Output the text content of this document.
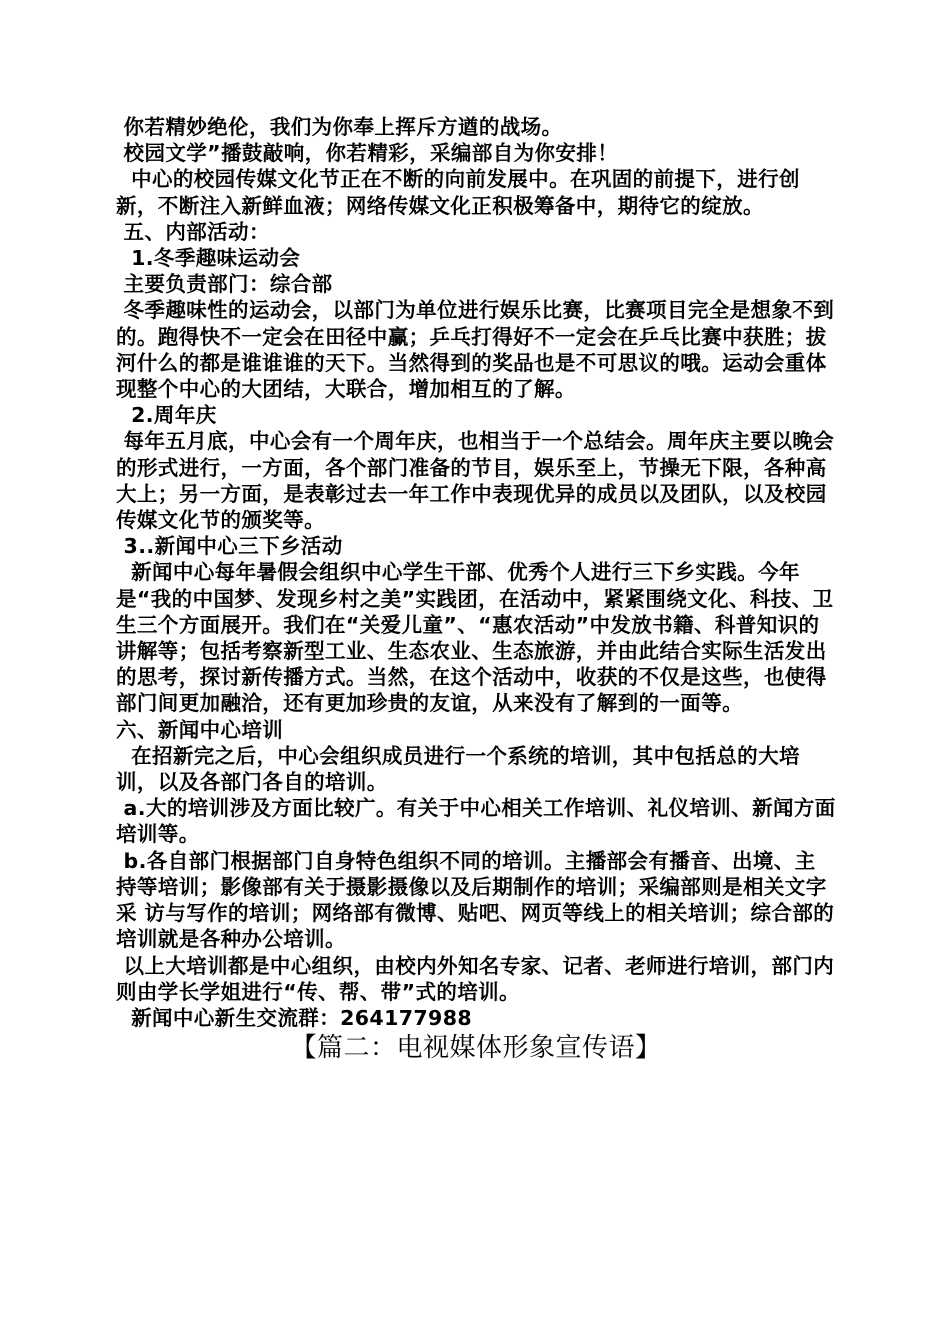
你若精妙绝伦，我们为你奉上挥斥方遒的战场。
校园文学”播鼓敲响，你若精彩，采编部自为你安排！
中心的校园传媒文化节正在不断的向前发展中。在巩固的前提下，进行创新，不断注入新鲜血液；网络传媒文化正积极筹备中，期待它的绽放。
五、内部活动：
1.冬季趣味运动会
主要负责部门：综合部
冬季趣味性的运动会，以部门为单位进行娱乐比赛，比赛项目完全是想象不到的。跑得快不一定会在田径中赢；乒乓打得好不一定会在乒乓比赛中获胜；拔河什么的都是谁谁谁的天下。当然得到的奖品也是不可思议的哦。运动会重体现整个中心的大团结，大联合，增加相互的了解。
2.周年庆
每年五月底，中心会有一个周年庆，也相当于一个总结会。周年庆主要以晚会的形式进行，一方面，各个部门准备的节目，娱乐至上，节操无下限，各种高大上；另一方面，是表彰过去一年工作中表现优异的成员以及团队，以及校园传媒文化节的颁奖等。
3..新闻中心三下乡活动
新闻中心每年暑假会组织中心学生干部、优秀个人进行三下乡实践。今年是“我的中国梦、发现乡村之美”实践团，在活动中，紧紧围绕文化、科技、卫生三个方面展开。我们在“关爱儿童”、“惠农活动”中发放书籍、科普知识的讲解等；包括考察新型工业、生态农业、生态旅游，并由此结合实际生活发出的思考，探讨新传播方式。当然，在这个活动中，收获的不仅是这些，也使得部门间更加融洽，还有更加珍贵的友谊，从来没有了解到的一面等。
六、新闻中心培训
在招新完之后，中心会组织成员进行一个系统的培训，其中包括总的大培训，以及各部门各自的培训。
a.大的培训涉及方面比较广。有关于中心相关工作培训、礼仪培训、新闻方面培训等。
b.各自部门根据部门自身特色组织不同的培训。主播部会有播音、出境、主持等培训；影像部有关于摄影摄像以及后期制作的培训；采编部则是相关文字采 访与写作的培训；网络部有微博、贴吧、网页等线上的相关培训；综合部的培训就是各种办公培训。
以上大培训都是中心组织，由校内外知名专家、记者、老师进行培训，部门内则由学长学姐进行“传、帮、带”式的培训。
新闻中心新生交流群：264177988
【篇二：电视媒体形象宣传语】
